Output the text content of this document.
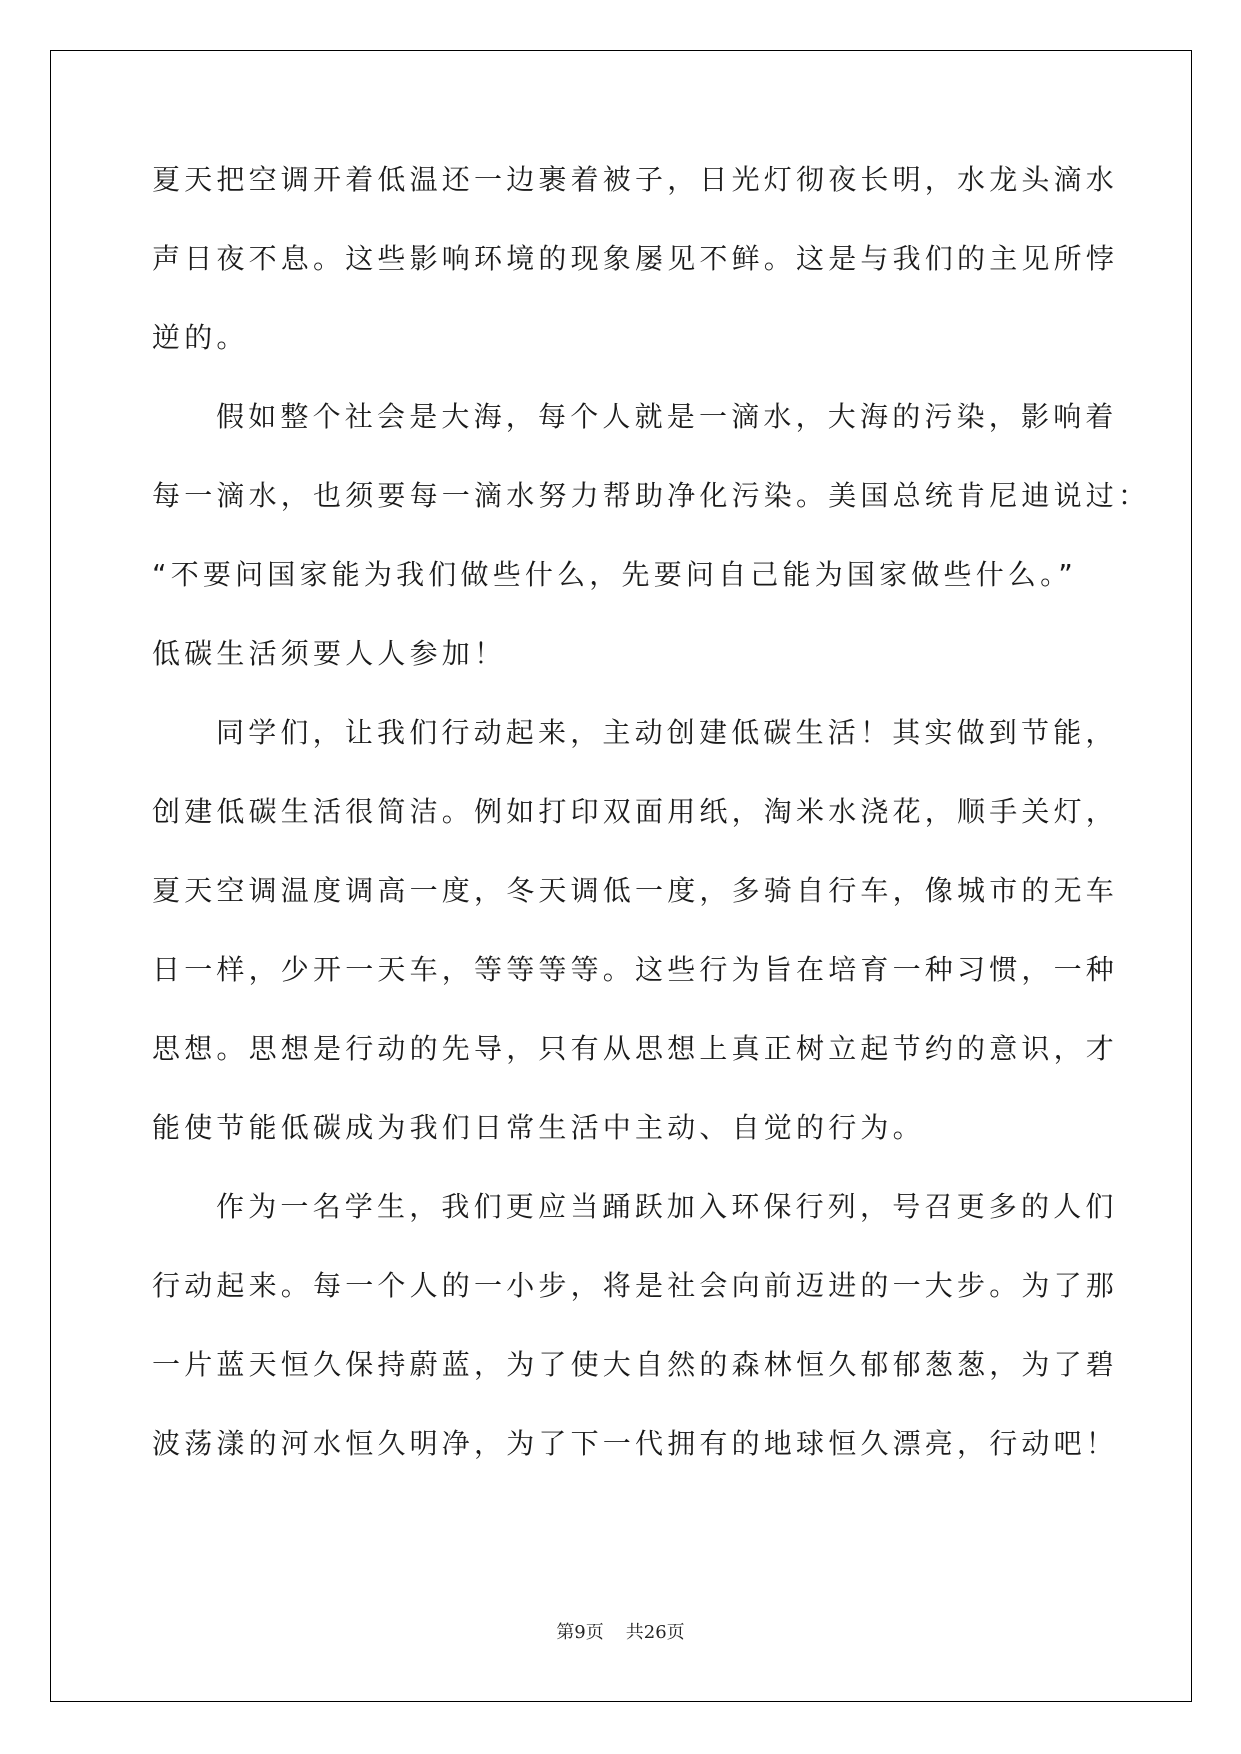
夏天把空调开着低温还一边裹着被子，日光灯彻夜长明，水龙头滴水
声日夜不息。这些影响环境的现象屡见不鲜。这是与我们的主见所悖
逆的。
假如整个社会是大海，每个人就是一滴水，大海的污染，影响着
每一滴水，也须要每一滴水努力帮助净化污染。美国总统肯尼迪说过：
“不要问国家能为我们做些什么，先要问自己能为国家做些什么。”
低碳生活须要人人参加！
同学们，让我们行动起来，主动创建低碳生活！其实做到节能，
创建低碳生活很简洁。例如打印双面用纸，淘米水浇花，顺手关灯，
夏天空调温度调高一度，冬天调低一度，多骑自行车，像城市的无车
日一样，少开一天车，等等等等。这些行为旨在培育一种习惯，一种
思想。思想是行动的先导，只有从思想上真正树立起节约的意识，才
能使节能低碳成为我们日常生活中主动、自觉的行为。
作为一名学生，我们更应当踊跃加入环保行列，号召更多的人们
行动起来。每一个人的一小步，将是社会向前迈进的一大步。为了那
一片蓝天恒久保持蔚蓝，为了使大自然的森林恒久郁郁葱葱，为了碧
波荡漾的河水恒久明净，为了下一代拥有的地球恒久漂亮，行动吧！
第9页 共26页
